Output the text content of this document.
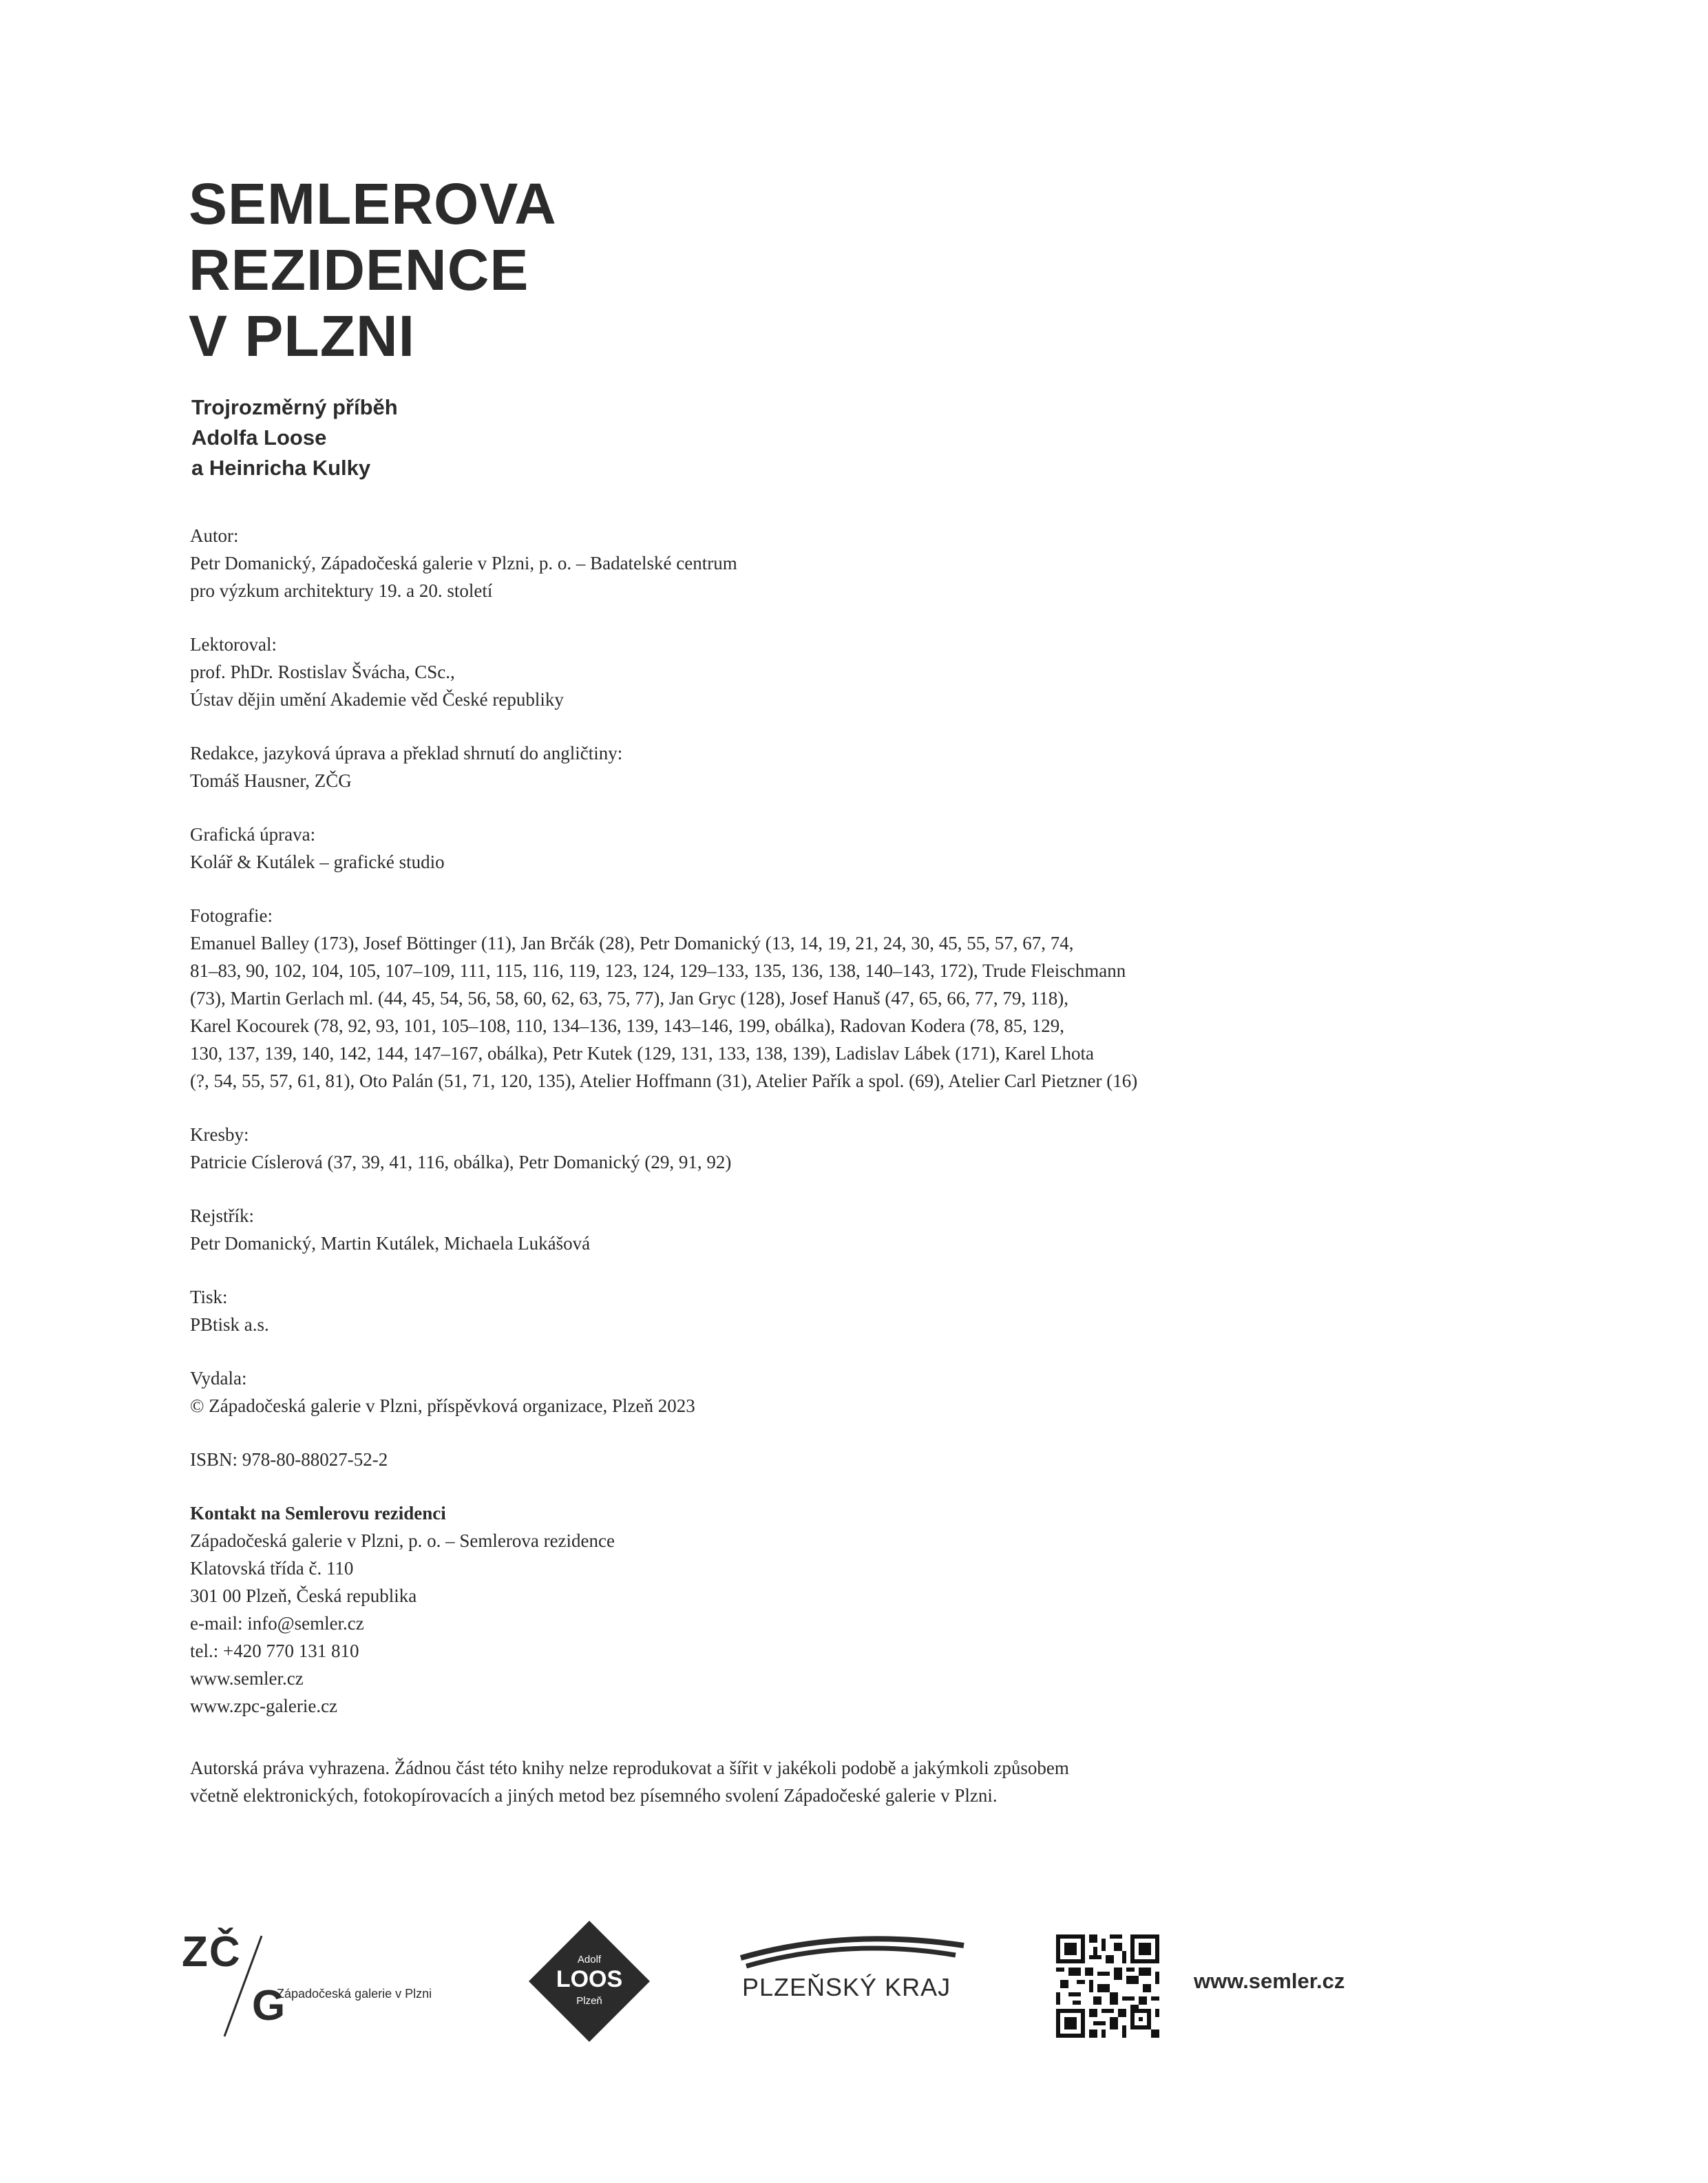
SEMLEROVA
REZIDENCE
V PLZNI
Trojrozměrný příběh
Adolfa Loose
a Heinricha Kulky
Autor:
Petr Domanický, Západočeská galerie v Plzni, p. o. – Badatelské centrum
pro výzkum architektury 19. a 20. století
Lektoroval:
prof. PhDr. Rostislav Švácha, CSc.,
Ústav dějin umění Akademie věd České republiky
Redakce, jazyková úprava a překlad shrnutí do angličtiny:
Tomáš Hausner, ZČG
Grafická úprava:
Kolář & Kutálek – grafické studio
Fotografie:
Emanuel Balley (173), Josef Böttinger (11), Jan Brčák (28), Petr Domanický (13, 14, 19, 21, 24, 30, 45, 55, 57, 67, 74,
81–83, 90, 102, 104, 105, 107–109, 111, 115, 116, 119, 123, 124, 129–133, 135, 136, 138, 140–143, 172), Trude Fleischmann
(73), Martin Gerlach ml. (44, 45, 54, 56, 58, 60, 62, 63, 75, 77), Jan Gryc (128), Josef Hanuš (47, 65, 66, 77, 79, 118),
Karel Kocourek (78, 92, 93, 101, 105–108, 110, 134–136, 139, 143–146, 199, obálka), Radovan Kodera (78, 85, 129,
130, 137, 139, 140, 142, 144, 147–167, obálka), Petr Kutek (129, 131, 133, 138, 139), Ladislav Lábek (171), Karel Lhota
(?, 54, 55, 57, 61, 81), Oto Palán (51, 71, 120, 135), Atelier Hoffmann (31), Atelier Pařík a spol. (69), Atelier Carl Pietzner (16)
Kresby:
Patricie Císlerová (37, 39, 41, 116, obálka), Petr Domanický (29, 91, 92)
Rejstřík:
Petr Domanický, Martin Kutálek, Michaela Lukášová
Tisk:
PBtisk a.s.
Vydala:
© Západočeská galerie v Plzni, příspěvková organizace, Plzeň 2023
ISBN: 978-80-88027-52-2
Kontakt na Semlerovu rezidenci
Západočeská galerie v Plzni, p. o. – Semlerova rezidence
Klatovská třída č. 110
301 00 Plzeň, Česká republika
e-mail: info@semler.cz
tel.: +420 770 131 810
www.semler.cz
www.zpc-galerie.cz
Autorská práva vyhrazena. Žádnou část této knihy nelze reprodukovat a šířit v jakékoli podobě a jakýmkoli způsobem
včetně elektronických, fotokopírovacích a jiných metod bez písemného svolení Západočeské galerie v Plzni.
ZČ
G
Západočeská galerie v Plzni
Adolf
LOOS
Plzeň	PLZEŇSKÝ KRAJ	www.semler.cz
